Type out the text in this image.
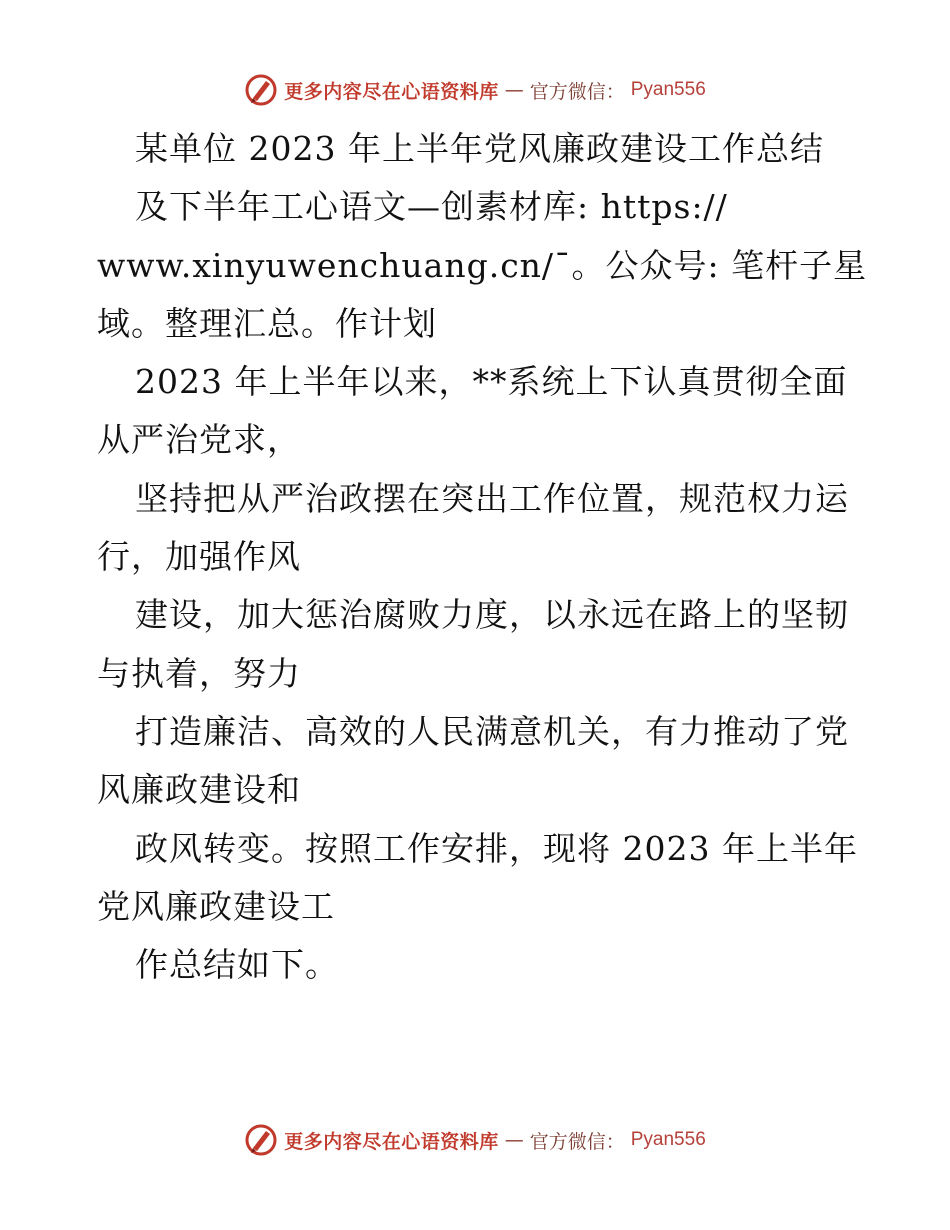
更多内容尽在心语资料库 — 官方微信： Pyan556
某单位 2023 年上半年党风廉政建设工作总结
及下半年工心语文—创素材库: https://
www.xinyuwenchuang.cn/¯。公众号: 笔杆子星
域。整理汇总。作计划
2023 年上半年以来，**系统上下认真贯彻全面
从严治党求，
坚持把从严治政摆在突出工作位置，规范权力运
行，加强作风
建设，加大惩治腐败力度，以永远在路上的坚韧
与执着，努力
打造廉洁、高效的人民满意机关，有力推动了党
风廉政建设和
政风转变。按照工作安排，现将 2023 年上半年
党风廉政建设工
作总结如下。
更多内容尽在心语资料库 — 官方微信： Pyan556
